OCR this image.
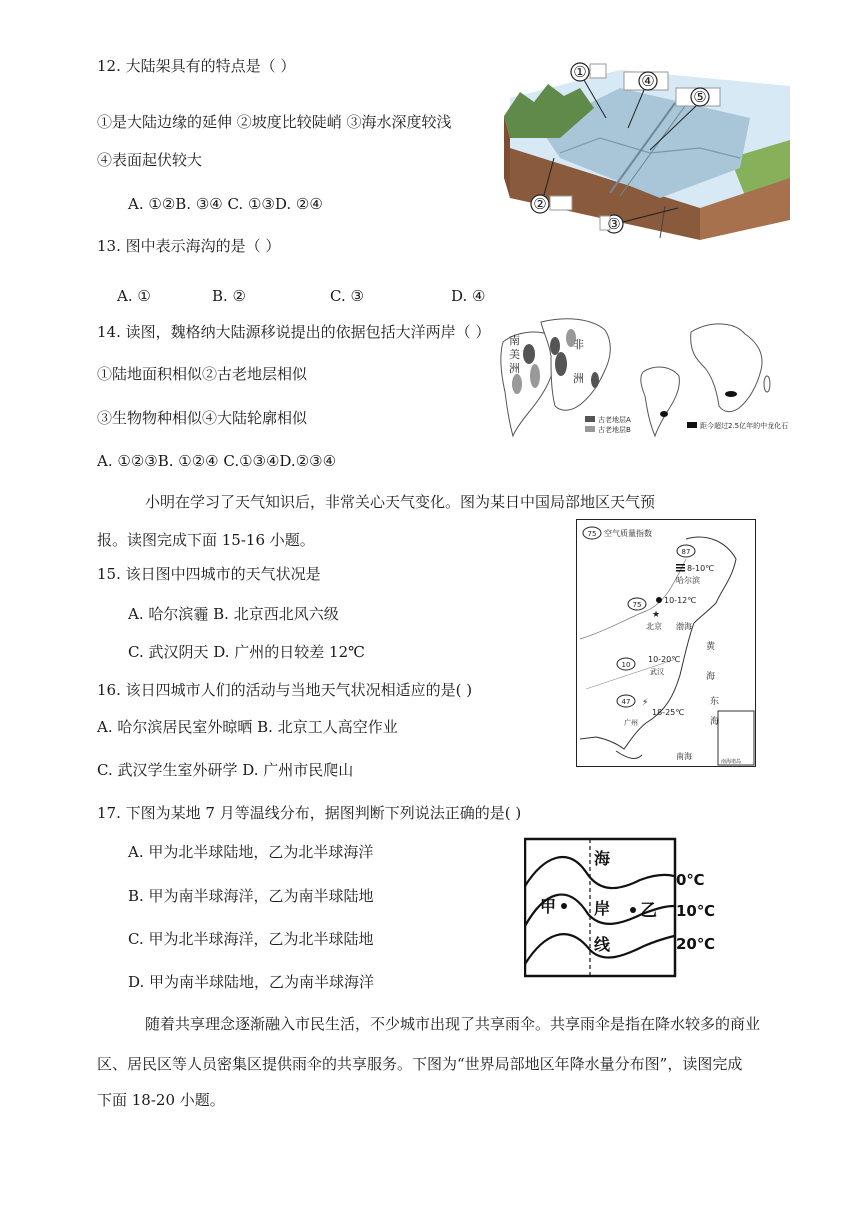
12. 大陆架具有的特点是（ ）
①是大陆边缘的延伸 ②坡度比较陡峭 ③海水深度较浅
④表面起伏较大
A. ①②B. ③④ C. ①③D. ②④
①	④
⑤
②
③
13. 图中表示海沟的是（ ）
A. ①	B. ②	C. ③	D. ④
14. 读图，魏格纳大陆源移说提出的依据包括大洋两岸（ ）
①陆地面积相似②古老地层相似
③生物物种相似④大陆轮廓相似
A. ①②③B. ①②④ C.①③④D.②③④
南
美
洲
非
洲
古老地层A
古老地层B	距今超过2.5亿年的中龙化石
小明在学习了天气知识后，非常关心天气变化。图为某日中国局部地区天气预
报。读图完成下面 15-16 小题。	75 空气质量指数
87
8-10℃
哈尔滨
75	10-12℃
★
北京
10
10-20℃
武汉
47 ⚡
18-25℃
广州
渤海
黄
海
东
海
南海
南海诸岛
15. 该日图中四城市的天气状况是
A. 哈尔滨霾 B. 北京西北风六级
C. 武汉阴天 D. 广州的日较差 12℃
16. 该日四城市人们的活动与当地天气状况相适应的是( )
A. 哈尔滨居民室外晾晒 B. 北京工人高空作业
C. 武汉学生室外研学 D. 广州市民爬山
17. 下图为某地 7 月等温线分布，据图判断下列说法正确的是( )
A. 甲为北半球陆地，乙为北半球海洋
B. 甲为南半球海洋，乙为南半球陆地
C. 甲为北半球海洋，乙为北半球陆地
D. 甲为南半球陆地，乙为南半球海洋
海
岸
线
甲	乙
0℃
10℃
20℃
随着共享理念逐渐融入市民生活，不少城市出现了共享雨伞。共享雨伞是指在降水较多的商业
区、居民区等人员密集区提供雨伞的共享服务。下图为“世界局部地区年降水量分布图”，读图完成
下面 18-20 小题。
